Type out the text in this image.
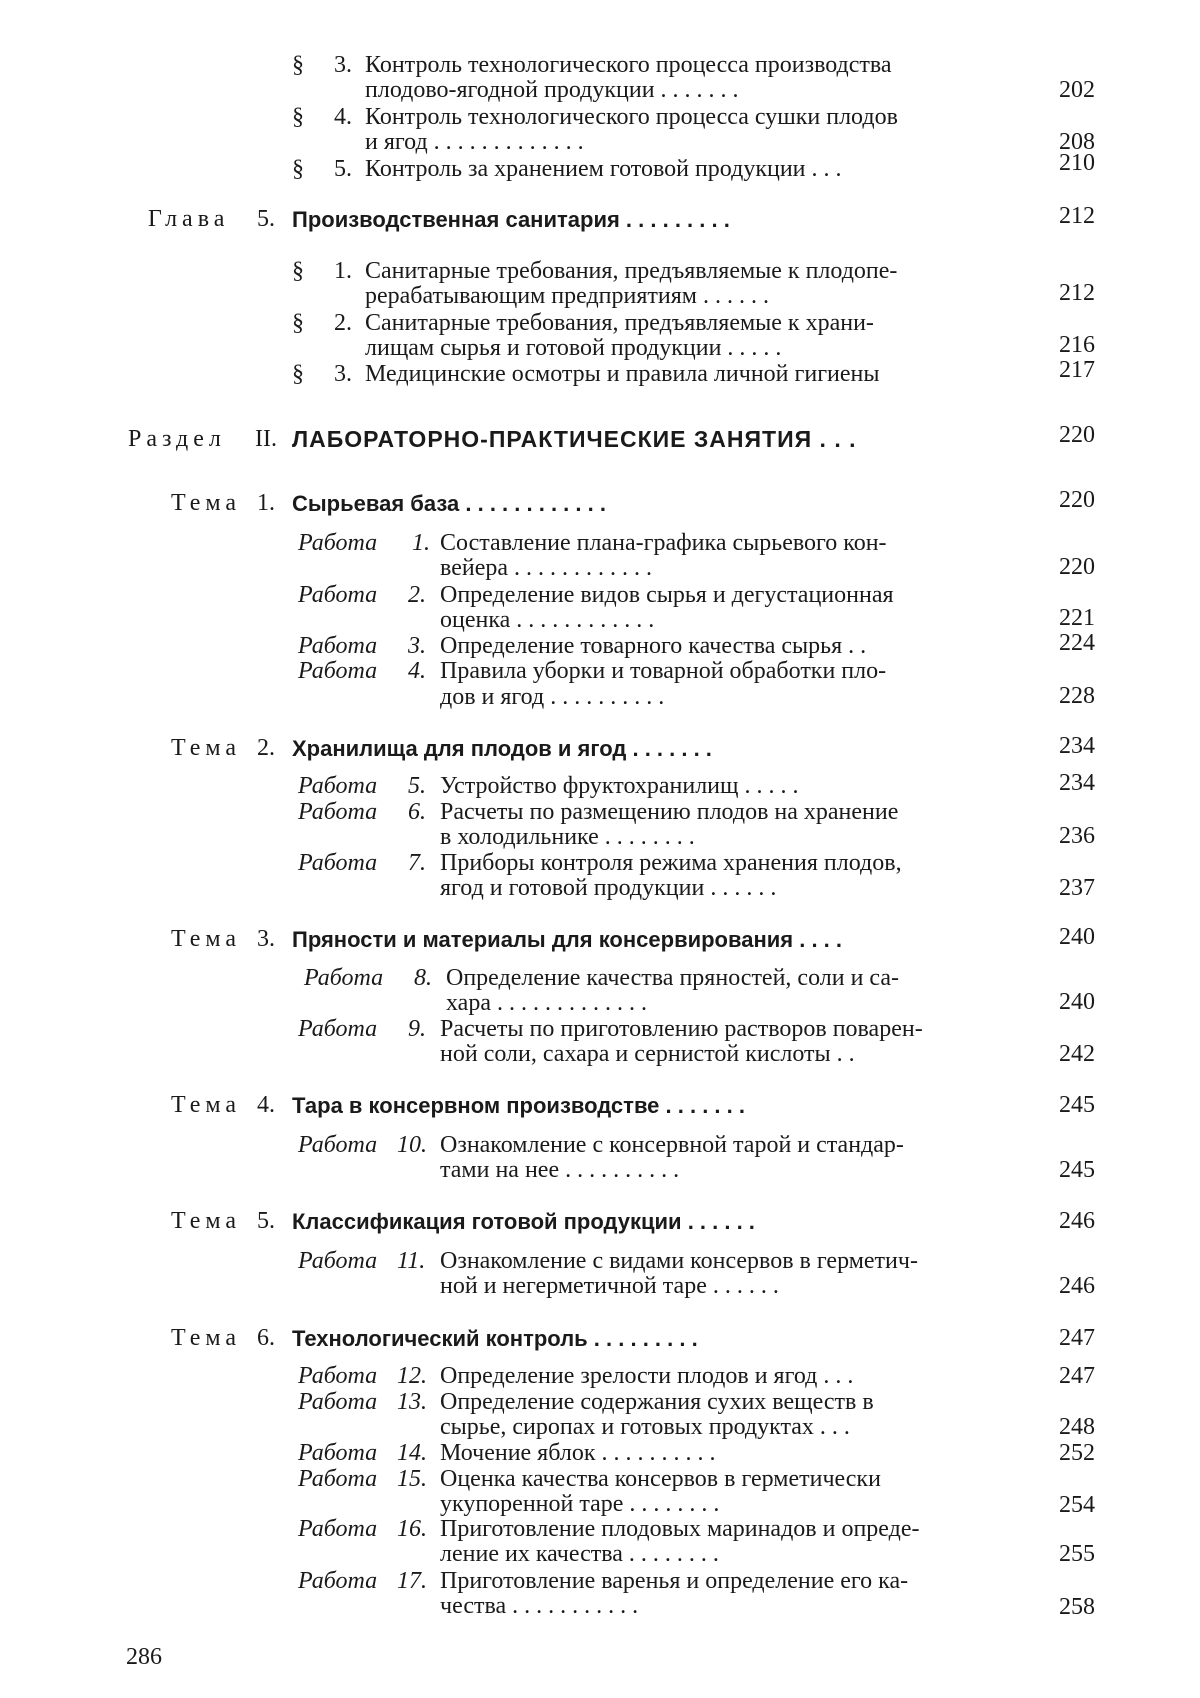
§ 3. Контроль технологического процесса производства
плодово-ягодной продукции . . . . . . .	202
§ 4. Контроль технологического процесса сушки плодов
и ягод . . . . . . . . . . . . .	208
§ 5. Контроль за хранением готовой продукции . . .	210
Глава 5. Производственная санитария . . . . . . . . .	212
§ 1. Санитарные требования, предъявляемые к плодопе-
рерабатывающим предприятиям . . . . . .	212
§ 2. Санитарные требования, предъявляемые к храни-
лищам сырья и готовой продукции . . . . .	216
§ 3. Медицинские осмотры и правила личной гигиены	217
Раздел II. ЛАБОРАТОРНО-ПРАКТИЧЕСКИЕ ЗАНЯТИЯ . . .	220
Тема 1. Сырьевая база . . . . . . . . . . . .	220
Работа 1. Составление плана-графика сырьевого кон-
вейера . . . . . . . . . . . .	220
Работа 2. Определение видов сырья и дегустационная
оценка . . . . . . . . . . . .	221
Работа 3. Определение товарного качества сырья . .	224
Работа 4. Правила уборки и товарной обработки пло-
дов и ягод . . . . . . . . . .	228
Тема 2. Хранилища для плодов и ягод . . . . . . .	234
Работа 5. Устройство фруктохранилищ . . . . .	234
Работа 6. Расчеты по размещению плодов на хранение
в холодильнике . . . . . . . .	236
Работа 7. Приборы контроля режима хранения плодов,
ягод и готовой продукции . . . . . .	237
Тема 3. Пряности и материалы для консервирования . . . .	240
Работа 8. Определение качества пряностей, соли и са-
хара . . . . . . . . . . . . .	240
Работа 9. Расчеты по приготовлению растворов поварен-
ной соли, сахара и сернистой кислоты . .	242
Тема 4. Тара в консервном производстве . . . . . . .	245
Работа 10. Ознакомление с консервной тарой и стандар-
тами на нее . . . . . . . . . .	245
Тема 5. Классификация готовой продукции . . . . . .	246
Работа 11. Ознакомление с видами консервов в герметич-
ной и негерметичной таре . . . . . .	246
Тема 6. Технологический контроль . . . . . . . . .	247
Работа 12. Определение зрелости плодов и ягод . . .	247
Работа 13. Определение содержания сухих веществ в
сырье, сиропах и готовых продуктах . . .	248
Работа 14. Мочение яблок . . . . . . . . . .	252
Работа 15. Оценка качества консервов в герметически
укупоренной таре . . . . . . . .	254
Работа 16. Приготовление плодовых маринадов и опреде-
ление их качества . . . . . . . .	255
Работа 17. Приготовление варенья и определение его ка-
чества . . . . . . . . . . .	258
286
